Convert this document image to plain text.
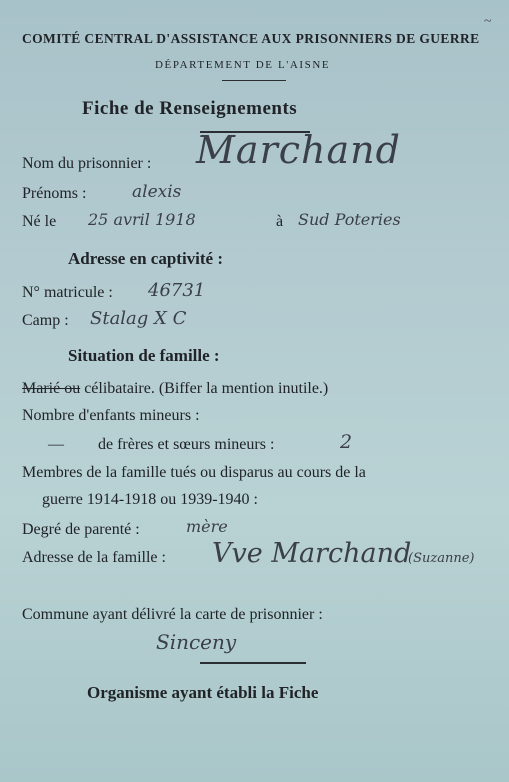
~
COMITÉ CENTRAL D'ASSISTANCE AUX PRISONNIERS DE GUERRE
DÉPARTEMENT DE L'AISNE
Fiche de Renseignements
Nom du prisonnier : Marchand
Prénoms :	alexis
Né le 25 avril 1918	à Sud Poteries
Adresse en captivité :
N° matricule : 46731
Camp : Stalag X C
Situation de famille :
Marié ou célibataire. (Biffer la mention inutile.)
Nombre d'enfants mineurs :
— de frères et sœurs mineurs :	2
Membres de la famille tués ou disparus au cours de la
guerre 1914-1918 ou 1939-1940 :
Degré de parenté :	mère
Adresse de la famille : Vve Marchand
(Suzanne)
Commune ayant délivré la carte de prisonnier :
Sinceny
Organisme ayant établi la Fiche
